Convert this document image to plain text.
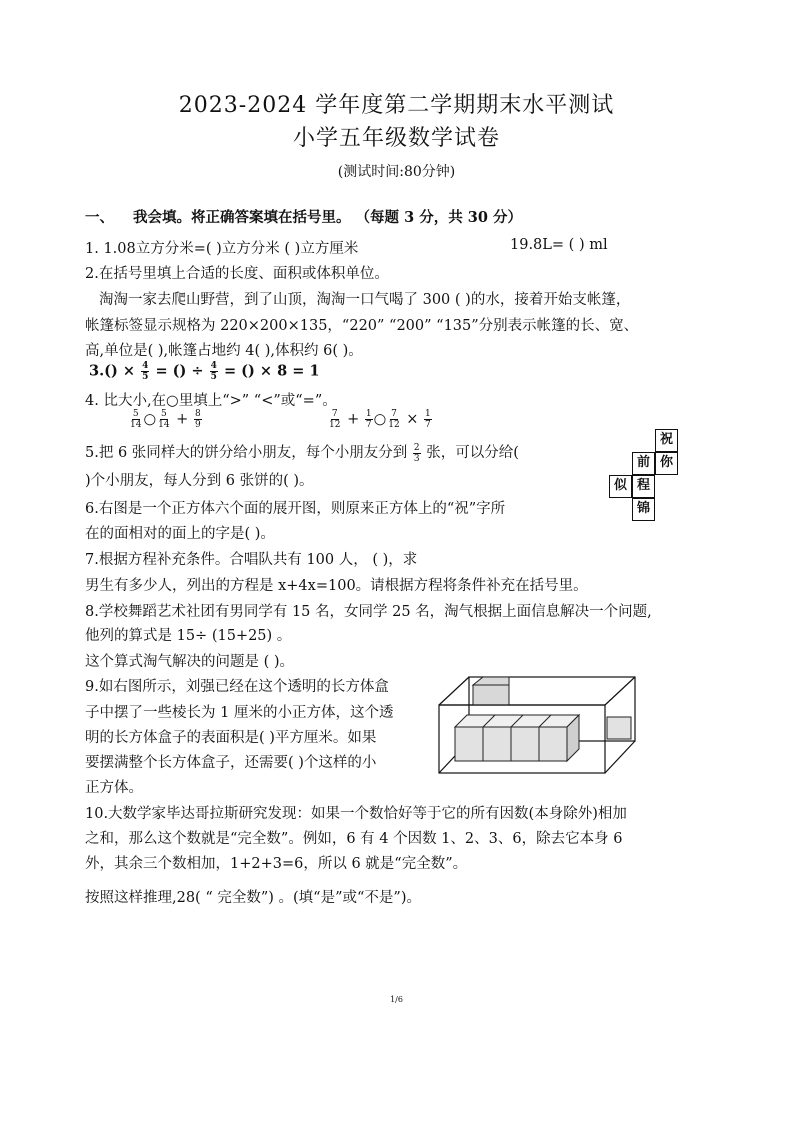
2023-2024 学年度第二学期期末水平测试
小学五年级数学试卷
(测试时间:80分钟)
一、 我会填。将正确答案填在括号里。 （每题 3 分，共 30 分）
1. 1.08立方分米=( )立方分米 ( )立方厘米	19.8L= ( ) ml
2.在括号里填上合适的长度、面积或体积单位。
淘淘一家去爬山野营，到了山顶，淘淘一口气喝了 300 ( )的水，接着开始支帐篷，
帐篷标签显示规格为 220×200×135，“220” “200” “135”分别表示帐篷的长、宽、
高,单位是( ),帐篷占地约 4( ),体积约 6( )。
$3.() \times \frac{4}{5}$ = () ÷ $\frac{4}{5}$ = () × 8 = 1
4. 比大小,在○里填上“>” “<”或“=”。
$\frac{5}{14}$ ○ $\frac{5}{14} + \frac{8}{9}$	$\frac{7}{12} + \frac{1}{7}$ ○ $\frac{7}{12} \times \frac{1}{7}$
5.把 6 张同样大的饼分给小朋友，每个小朋友分到 $\frac{2}{3}$ 张，可以分给(
)个小朋友，每人分到 6 张饼的( )。
6.右图是一个正方体六个面的展开图，则原来正方体上的“祝”字所
在的面相对的面上的字是( )。
祝
前 你
似 程
锦
7.根据方程补充条件。合唱队共有 100 人， ( )，求
男生有多少人，列出的方程是 x+4x=100。请根据方程将条件补充在括号里。
8.学校舞蹈艺术社团有男同学有 15 名，女同学 25 名，淘气根据上面信息解决一个问题,
他列的算式是 15÷ (15+25) 。
这个算式淘气解决的问题是 ( )。
9.如右图所示，刘强已经在这个透明的长方体盒
子中摆了一些棱长为 1 厘米的小正方体，这个透
明的长方体盒子的表面积是( )平方厘米。如果
要摆满整个长方体盒子，还需要( )个这样的小
正方体。
10.大数学家毕达哥拉斯研究发现：如果一个数恰好等于它的所有因数(本身除外)相加
之和，那么这个数就是“完全数”。例如，6 有 4 个因数 1、2、3、6，除去它本身 6
外，其余三个数相加，1+2+3=6，所以 6 就是“完全数”。
按照这样推理,28( “ 完全数”) 。(填“是”或“不是”)。
1/6
